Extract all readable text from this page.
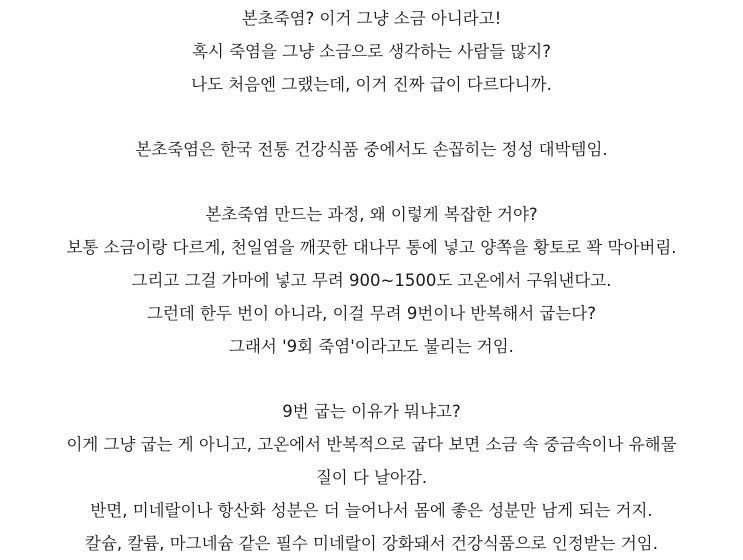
본초죽염? 이거 그냥 소금 아니라고!
혹시 죽염을 그냥 소금으로 생각하는 사람들 많지?
나도 처음엔 그랬는데, 이거 진짜 급이 다르다니까.
본초죽염은 한국 전통 건강식품 중에서도 손꼽히는 정성 대박템임.
본초죽염 만드는 과정, 왜 이렇게 복잡한 거야?
보통 소금이랑 다르게, 천일염을 깨끗한 대나무 통에 넣고 양쪽을 황토로 꽉 막아버림.
그리고 그걸 가마에 넣고 무려 900~1500도 고온에서 구워낸다고.
그런데 한두 번이 아니라, 이걸 무려 9번이나 반복해서 굽는다?
그래서 '9회 죽염'이라고도 불리는 거임.
9번 굽는 이유가 뭐냐고?
이게 그냥 굽는 게 아니고, 고온에서 반복적으로 굽다 보면 소금 속 중금속이나 유해물
질이 다 날아감.
반면, 미네랄이나 항산화 성분은 더 늘어나서 몸에 좋은 성분만 남게 되는 거지.
칼슘, 칼륨, 마그네슘 같은 필수 미네랄이 강화돼서 건강식품으로 인정받는 거임.
